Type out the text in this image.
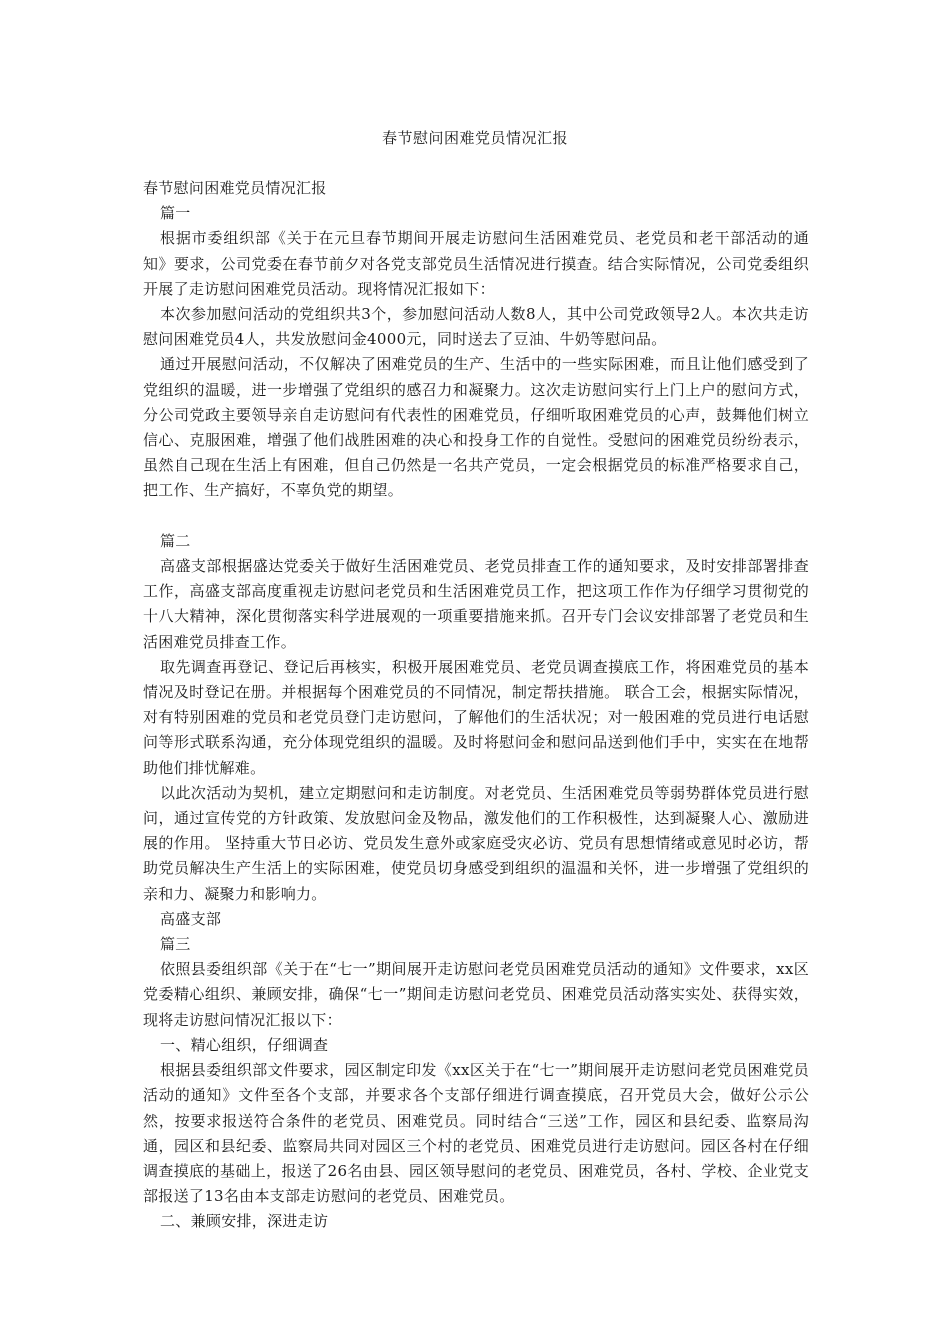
春节慰问困难党员情况汇报

春节慰问困难党员情况汇报

篇一

根据市委组织部《关于在元旦春节期间开展走访慰问生活困难党员、老党员和老干部活动的通知》要求，公司党委在春节前夕对各党支部党员生活情况进行摸查。结合实际情况，公司党委组织开展了走访慰问困难党员活动。现将情况汇报如下：

本次参加慰问活动的党组织共3个，参加慰问活动人数8人，其中公司党政领导2人。本次共走访慰问困难党员4人，共发放慰问金4000元，同时送去了豆油、牛奶等慰问品。

通过开展慰问活动，不仅解决了困难党员的生产、生活中的一些实际困难，而且让他们感受到了党组织的温暖，进一步增强了党组织的感召力和凝聚力。这次走访慰问实行上门上户的慰问方式，分公司党政主要领导亲自走访慰问有代表性的困难党员，仔细听取困难党员的心声，鼓舞他们树立信心、克服困难，增强了他们战胜困难的决心和投身工作的自觉性。受慰问的困难党员纷纷表示，虽然自己现在生活上有困难，但自己仍然是一名共产党员，一定会根据党员的标准严格要求自己，把工作、生产搞好，不辜负党的期望。

篇二

高盛支部根据盛达党委关于做好生活困难党员、老党员排查工作的通知要求，及时安排部署排查工作，高盛支部高度重视走访慰问老党员和生活困难党员工作，把这项工作作为仔细学习贯彻党的十八大精神，深化贯彻落实科学进展观的一项重要措施来抓。召开专门会议安排部署了老党员和生活困难党员排查工作。

取先调查再登记、登记后再核实，积极开展困难党员、老党员调查摸底工作，将困难党员的基本情况及时登记在册。并根据每个困难党员的不同情况，制定帮扶措施。 联合工会，根据实际情况，对有特别困难的党员和老党员登门走访慰问，了解他们的生活状况；对一般困难的党员进行电话慰问等形式联系沟通，充分体现党组织的温暖。及时将慰问金和慰问品送到他们手中，实实在在地帮助他们排忧解难。

以此次活动为契机，建立定期慰问和走访制度。对老党员、生活困难党员等弱势群体党员进行慰问，通过宣传党的方针政策、发放慰问金及物品，激发他们的工作积极性，达到凝聚人心、激励进展的作用。 坚持重大节日必访、党员发生意外或家庭受灾必访、党员有思想情绪或意见时必访，帮助党员解决生产生活上的实际困难，使党员切身感受到组织的温温和关怀，进一步增强了党组织的亲和力、凝聚力和影响力。

高盛支部

篇三

依照县委组织部《关于在“七一”期间展开走访慰问老党员困难党员活动的通知》文件要求，xx区党委精心组织、兼顾安排，确保“七一”期间走访慰问老党员、困难党员活动落实实处、获得实效，现将走访慰问情况汇报以下：

一、精心组织，仔细调查

根据县委组织部文件要求，园区制定印发《xx区关于在“七一”期间展开走访慰问老党员困难党员活动的通知》文件至各个支部，并要求各个支部仔细进行调查摸底，召开党员大会，做好公示公然，按要求报送符合条件的老党员、困难党员。同时结合“三送”工作，园区和县纪委、监察局沟通，园区和县纪委、监察局共同对园区三个村的老党员、困难党员进行走访慰问。园区各村在仔细调查摸底的基础上，报送了26名由县、园区领导慰问的老党员、困难党员，各村、学校、企业党支部报送了13名由本支部走访慰问的老党员、困难党员。

二、兼顾安排，深进走访
